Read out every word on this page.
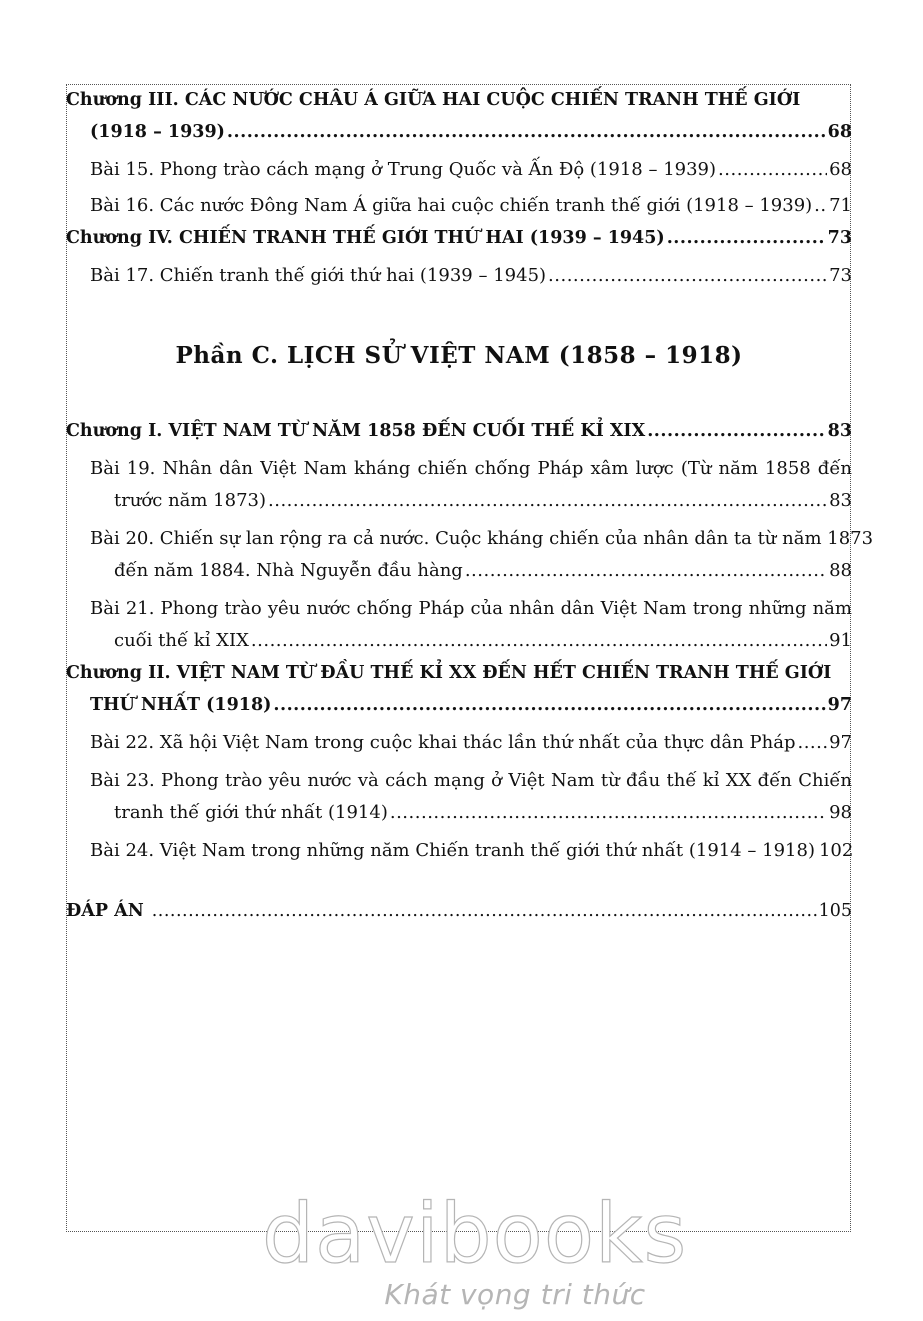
Chương III. CÁC NƯỚC CHÂU Á GIỮA HAI CUỘC CHIẾN TRANH THẾ GIỚI
(1918 – 1939) .....	68
Bài 15. Phong trào cách mạng ở Trung Quốc và Ấn Độ (1918 – 1939) .....	68
Bài 16. Các nước Đông Nam Á giữa hai cuộc chiến tranh thế giới (1918 – 1939) ..... 71
Chương IV. CHIẾN TRANH THẾ GIỚI THỨ HAI (1939 – 1945) .....	73
Bài 17. Chiến tranh thế giới thứ hai (1939 – 1945) .....	73
Phần C. LỊCH SỬ VIỆT NAM (1858 – 1918)
Chương I. VIỆT NAM TỪ NĂM 1858 ĐẾN CUỐI THẾ KỈ XIX .....	83
Bài 19. Nhân dân Việt Nam kháng chiến chống Pháp xâm lược (Từ năm 1858 đến
trước năm 1873) .....	83
Bài 20. Chiến sự lan rộng ra cả nước. Cuộc kháng chiến của nhân dân ta từ năm 1873
đến năm 1884. Nhà Nguyễn đầu hàng .....	88
Bài 21. Phong trào yêu nước chống Pháp của nhân dân Việt Nam trong những năm
cuối thế kỉ XIX .....	91
Chương II. VIỆT NAM TỪ ĐẦU THẾ KỈ XX ĐẾN HẾT CHIẾN TRANH THẾ GIỚI
THỨ NHẤT (1918) .....	97
Bài 22. Xã hội Việt Nam trong cuộc khai thác lần thứ nhất của thực dân Pháp ..... 97
Bài 23. Phong trào yêu nước và cách mạng ở Việt Nam từ đầu thế kỉ XX đến Chiến
tranh thế giới thứ nhất (1914) .....	98
Bài 24. Việt Nam trong những năm Chiến tranh thế giới thứ nhất (1914 – 1918) 102
ĐÁP ÁN .....	105
davibooks
Khát vọng tri thức
